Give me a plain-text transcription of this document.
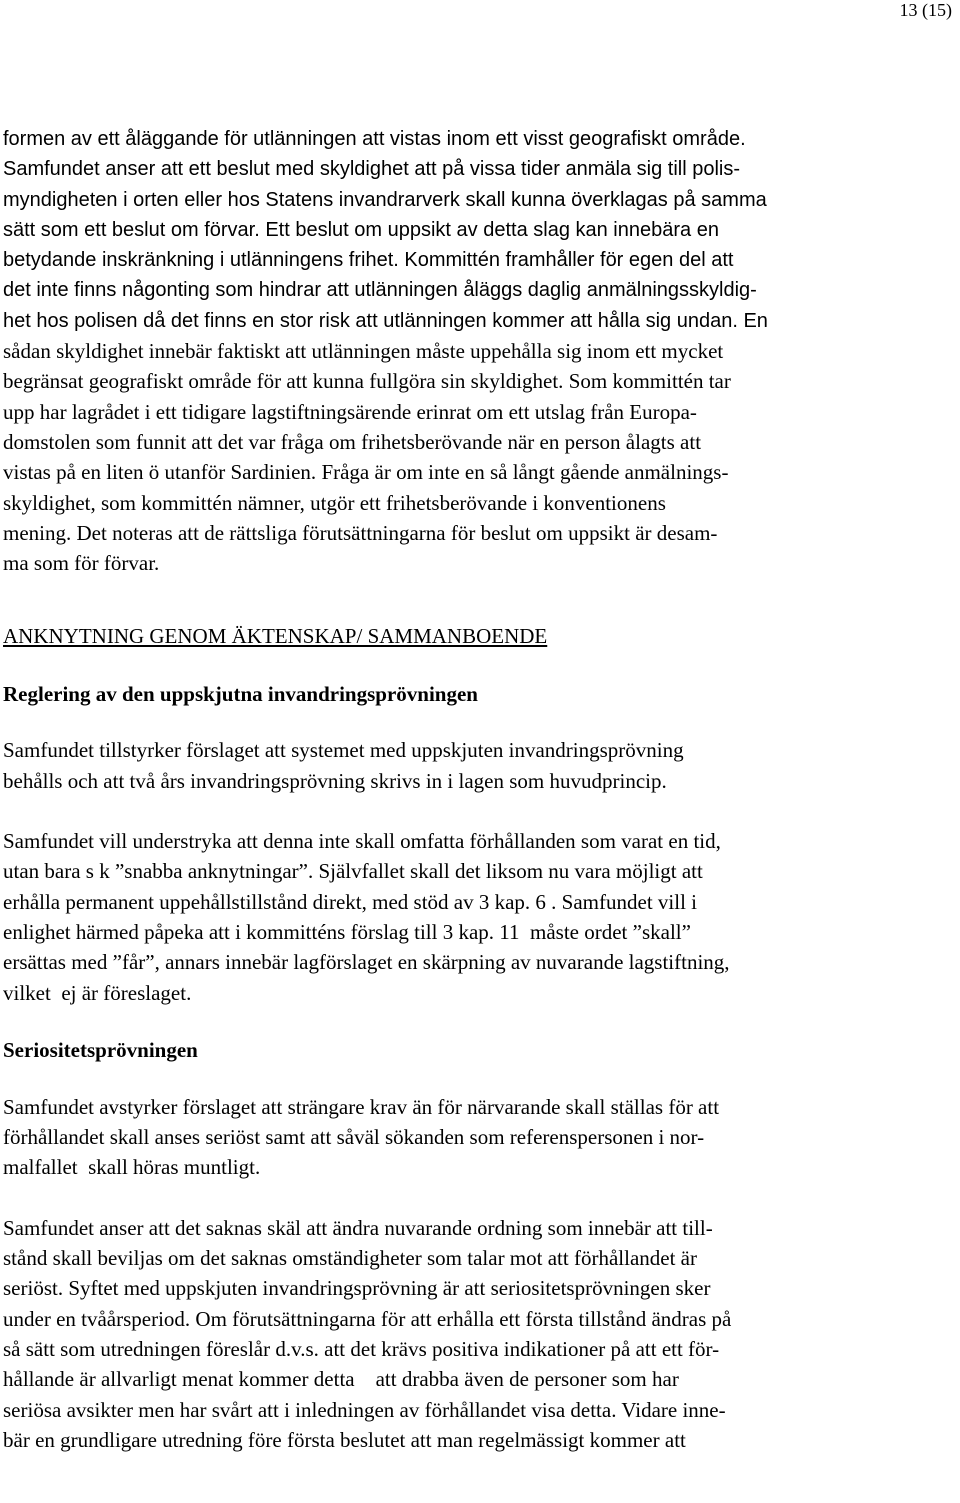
13 (15)
formen av ett åläggande för utlänningen att vistas inom ett visst geografiskt område.
Samfundet anser att ett beslut med skyldighet att på vissa tider anmäla sig till polis-
myndigheten i orten eller hos Statens invandrarverk skall kunna överklagas på samma
sätt som ett beslut om förvar. Ett beslut om uppsikt av detta slag kan innebära en
betydande inskränkning i utlänningens frihet. Kommittén framhåller för egen del att
det inte finns någonting som hindrar att utlänningen åläggs daglig anmälningsskyldig-
het hos polisen då det finns en stor risk att utlänningen kommer att hålla sig undan. En
sådan skyldighet innebär faktiskt att utlänningen måste uppehålla sig inom ett mycket
begränsat geografiskt område för att kunna fullgöra sin skyldighet. Som kommittén tar
upp har lagrådet i ett tidigare lagstiftningsärende erinrat om ett utslag från Europa-
domstolen som funnit att det var fråga om frihetsberövande när en person ålagts att
vistas på en liten ö utanför Sardinien. Fråga är om inte en så långt gående anmälnings-
skyldighet, som kommittén nämner, utgör ett frihetsberövande i konventionens
mening. Det noteras att de rättsliga förutsättningarna för beslut om uppsikt är desam-
ma som för förvar.
ANKNYTNING GENOM ÄKTENSKAP/ SAMMANBOENDE
Reglering av den uppskjutna invandringsprövningen
Samfundet tillstyrker förslaget att systemet med uppskjuten invandringsprövning
behålls och att två års invandringsprövning skrivs in i lagen som huvudprincip.
Samfundet vill understryka att denna inte skall omfatta förhållanden som varat en tid,
utan bara s k ”snabba anknytningar”. Självfallet skall det liksom nu vara möjligt att
erhålla permanent uppehållstillstånd direkt, med stöd av 3 kap. 6 . Samfundet vill i
enlighet härmed påpeka att i kommitténs förslag till 3 kap. 11  måste ordet ”skall”
ersättas med ”får”, annars innebär lagförslaget en skärpning av nuvarande lagstiftning,
vilket  ej är föreslaget.
Seriositetsprövningen
Samfundet avstyrker förslaget att strängare krav än för närvarande skall ställas för att
förhållandet skall anses seriöst samt att såväl sökanden som referenspersonen i nor-
malfallet  skall höras muntligt.
Samfundet anser att det saknas skäl att ändra nuvarande ordning som innebär att till-
stånd skall beviljas om det saknas omständigheter som talar mot att förhållandet är
seriöst. Syftet med uppskjuten invandringsprövning är att seriositetsprövningen sker
under en tvåårsperiod. Om förutsättningarna för att erhålla ett första tillstånd ändras på
så sätt som utredningen föreslår d.v.s. att det krävs positiva indikationer på att ett för-
hållande är allvarligt menat kommer detta    att drabba även de personer som har
seriösa avsikter men har svårt att i inledningen av förhållandet visa detta. Vidare inne-
bär en grundligare utredning före första beslutet att man regelmässigt kommer att
